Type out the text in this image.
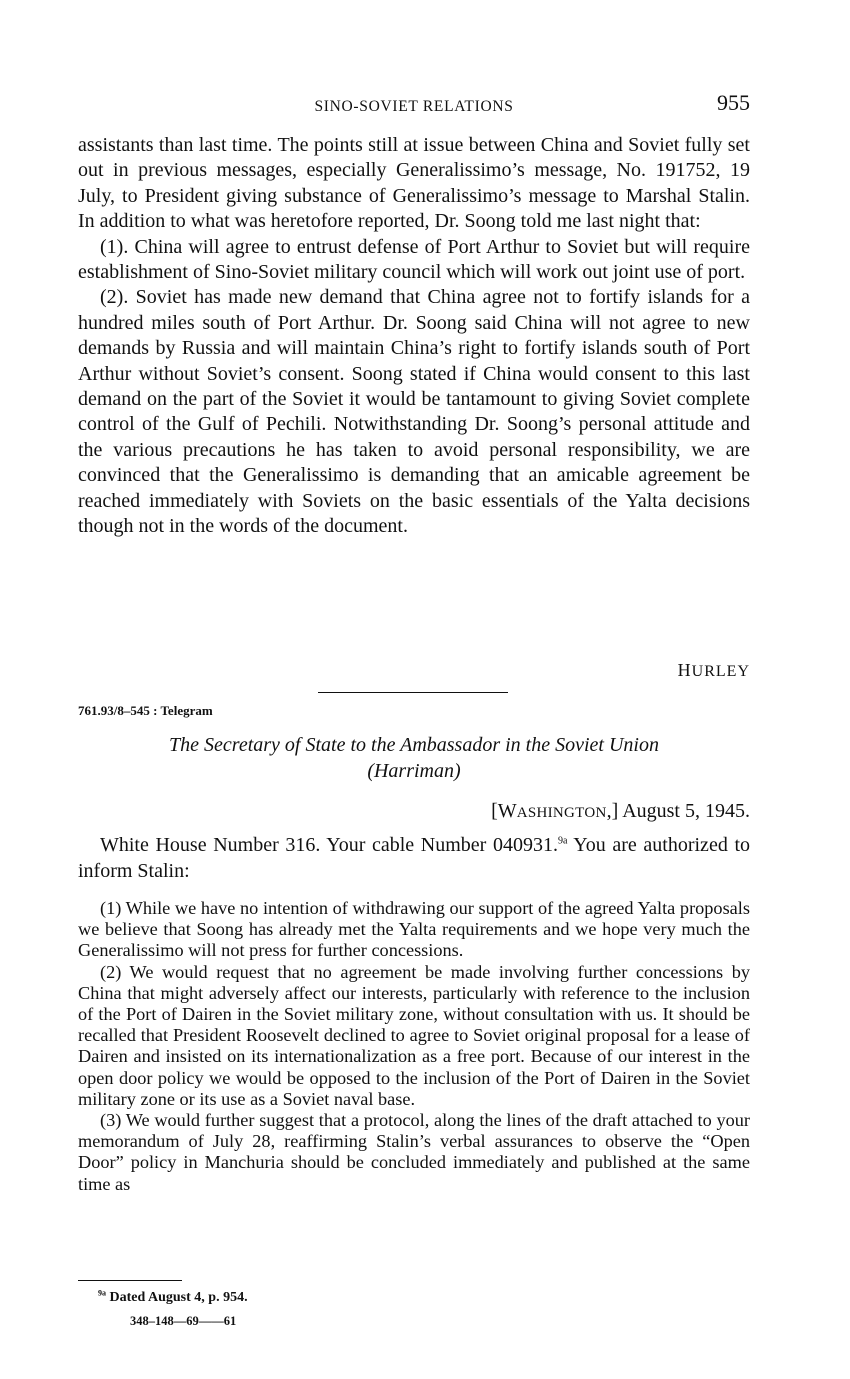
SINO-SOVIET RELATIONS	955

assistants than last time. The points still at issue between China and Soviet fully set out in previous messages, especially Generalissimo’s message, No. 191752, 19 July, to President giving substance of Generalissimo’s message to Marshal Stalin. In addition to what was heretofore reported, Dr. Soong told me last night that:

(1). China will agree to entrust defense of Port Arthur to Soviet but will require establishment of Sino-Soviet military council which will work out joint use of port.

(2). Soviet has made new demand that China agree not to fortify islands for a hundred miles south of Port Arthur. Dr. Soong said China will not agree to new demands by Russia and will maintain China’s right to fortify islands south of Port Arthur without Soviet’s consent. Soong stated if China would consent to this last demand on the part of the Soviet it would be tantamount to giving Soviet complete control of the Gulf of Pechili. Notwithstanding Dr. Soong’s personal attitude and the various precautions he has taken to avoid personal responsibility, we are convinced that the Generalissimo is demanding that an amicable agreement be reached immediately with Soviets on the basic essentials of the Yalta decisions though not in the words of the document.

HURLEY
761.93/8–545 : Telegram
The Secretary of State to the Ambassador in the Soviet Union
(Harriman)
[WASHINGTON,] August 5, 1945.

White House Number 316. Your cable Number 040931.$^{9a}$ You are authorized to inform Stalin:

(1) While we have no intention of withdrawing our support of the agreed Yalta proposals we believe that Soong has already met the Yalta requirements and we hope very much the Generalissimo will not press for further concessions.

(2) We would request that no agreement be made involving further concessions by China that might adversely affect our interests, particularly with reference to the inclusion of the Port of Dairen in the Soviet military zone, without consultation with us. It should be recalled that President Roosevelt declined to agree to Soviet original proposal for a lease of Dairen and insisted on its internationalization as a free port. Because of our interest in the open door policy we would be opposed to the inclusion of the Port of Dairen in the Soviet military zone or its use as a Soviet naval base.

(3) We would further suggest that a protocol, along the lines of the draft attached to your memorandum of July 28, reaffirming Stalin’s verbal assurances to observe the “Open Door” policy in Manchuria should be concluded immediately and published at the same time as

$^{9a}$ Dated August 4, p. 954.
348–148—69——61
